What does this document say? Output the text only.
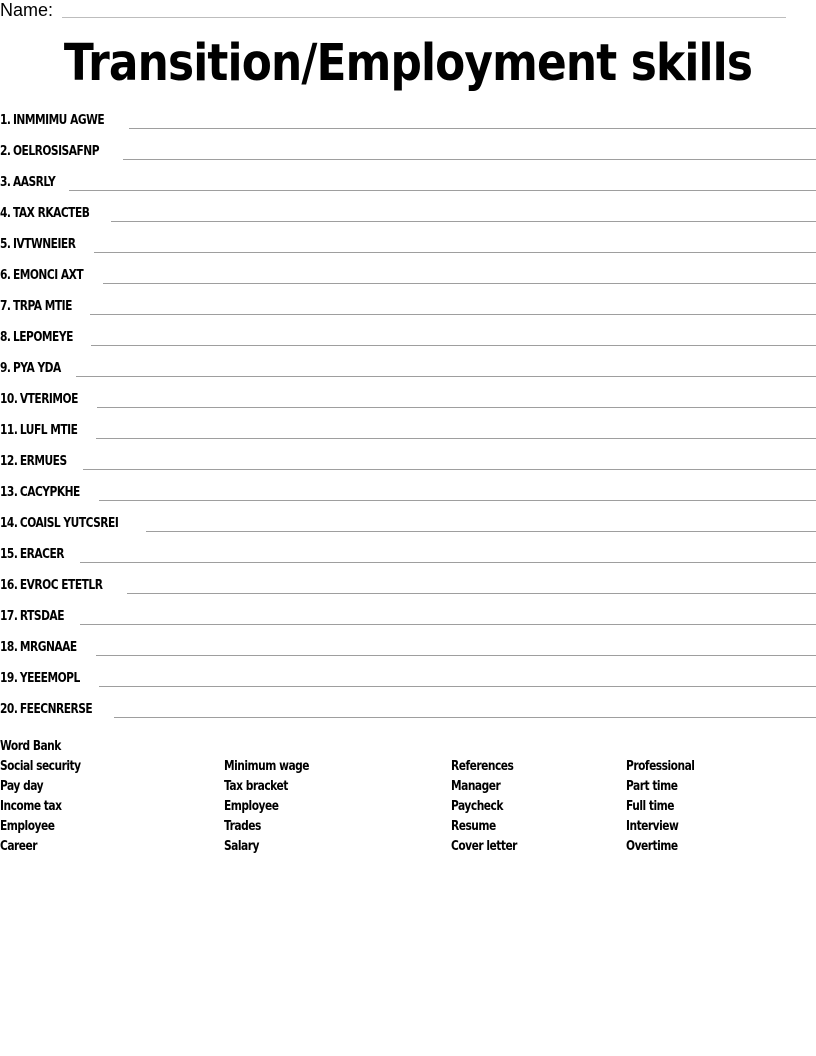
Name:
Transition/Employment skills
1. INMMIMU AGWE
2. OELROSISAFNP
3. AASRLY
4. TAX RKACTEB
5. IVTWNEIER
6. EMONCI AXT
7. TRPA MTIE
8. LEPOMEYE
9. PYA YDA
10. VTERIMOE
11. LUFL MTIE
12. ERMUES
13. CACYPKHE
14. COAISL YUTCSREI
15. ERACER
16. EVROC ETETLR
17. RTSDAE
18. MRGNAAE
19. YEEEMOPL
20. FEECNRERSE
Word Bank
Social security
Pay day
Income tax
Employee
Career
Minimum wage
Tax bracket
Employee
Trades
Salary
References
Manager
Paycheck
Resume
Cover letter
Professional
Part time
Full time
Interview
Overtime
